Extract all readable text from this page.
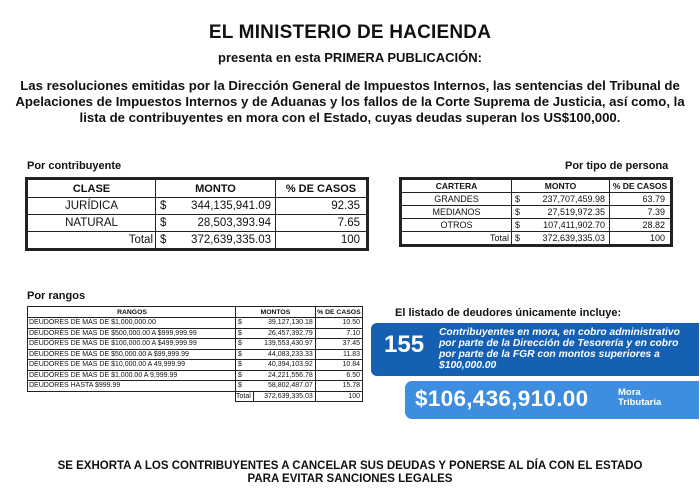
EL MINISTERIO DE HACIENDA
presenta en esta PRIMERA PUBLICACIÓN:
Las resoluciones emitidas por la Dirección General de Impuestos Internos, las sentencias del Tribunal de Apelaciones de Impuestos Internos y de Aduanas y los fallos de la Corte Suprema de Justicia, así como, la lista de contribuyentes en mora con el Estado, cuyas deudas superan los US$100,000.
Por contribuyente
CLASE	MONTO		% DE CASOS
JURÍDICA	$	344,135,941.09	92.35
NATURAL	$	28,503,393.94	7.65
Total	$	372,639,335.03	100
Por tipo de persona
CARTERA	MONTO		% DE CASOS
GRANDES	$	237,707,459.98	63.79
MEDIANOS	$	27,519,972.35	7.39
OTROS	$	107,411,902.70	28.82
Total	$	372,639,335.03	100
Por rangos
RANGOS	MONTOS		% DE CASOS
DEUDORES DE MAS DE $1,000,000.00	$	39,127,130.18	10.50
DEUDORES DE MAS DE $500,000.00 A $999,999.99	$	26,457,392.79	7.10
DEUDORES DE MAS DE $100,000.00 A $499,999.99	$	139,553,430.97	37.45
DEUDORES DE MAS DE $50,000.00 A $99,999.99	$	44,083,233.33	11.83
DEUDORES DE MAS DE $10,000.00 A 49,999.99	$	40,394,103.92	10.84
DEUDORES DE MAS DE $1,000.00 A 9,999.99	$	24,221,556.78	6.50
DEUDORES HASTA $999.99	$	58,802,487.07	15.78
	Total	372,639,335.03	100
El listado de deudores únicamente incluye:
155 Contribuyentes en mora, en cobro administrativo por parte de la Dirección de Tesorería y en cobro por parte de la FGR con montos superiores a $100,000.00
$106,436,910.00	Mora
Tributaria
SE EXHORTA A LOS CONTRIBUYENTES A CANCELAR SUS DEUDAS Y PONERSE AL DÍA CON EL ESTADO
PARA EVITAR SANCIONES LEGALES
